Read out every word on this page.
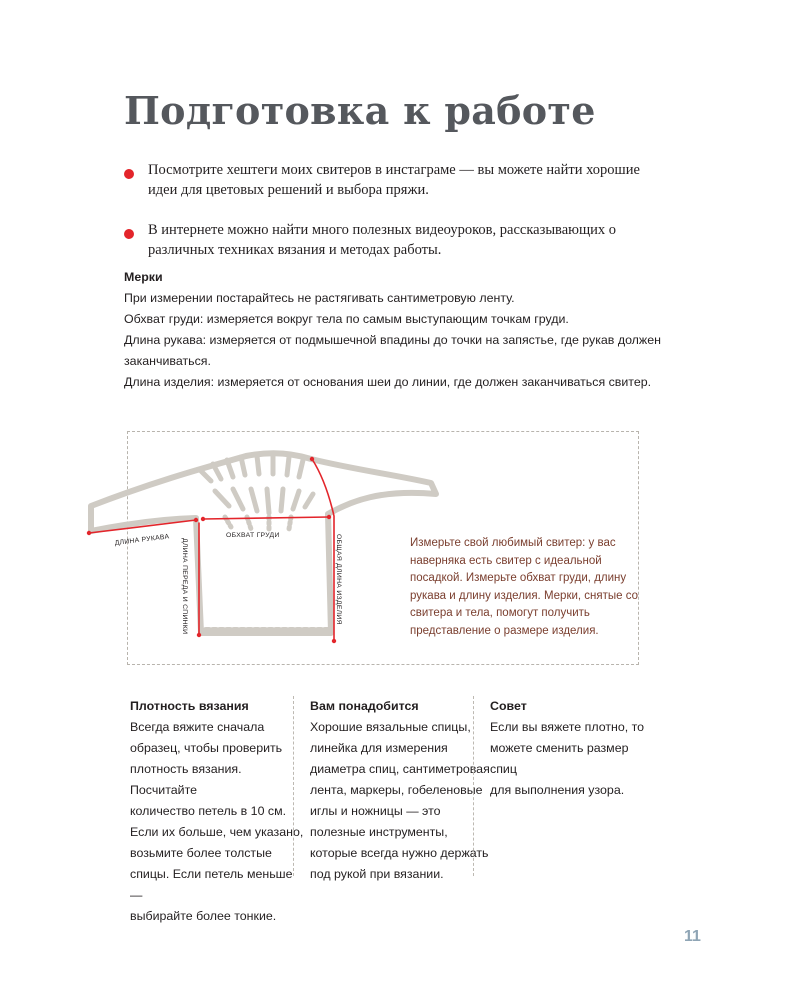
Подготовка к работе
Посмотрите хештеги моих свитеров в инстаграме — вы можете найти хорошие идеи для цветовых решений и выбора пряжи.
В интернете можно найти много полезных видеоуроков, рассказывающих о различных техниках вязания и методах работы.
Мерки
При измерении постарайтесь не растягивать сантиметровую ленту.
Обхват груди: измеряется вокруг тела по самым выступающим точкам груди.
Длина рукава: измеряется от подмышечной впадины до точки на запястье, где рукав должен заканчиваться.
Длина изделия: измеряется от основания шеи до линии, где должен заканчиваться свитер.
ДЛИНА РУКАВА	ОБХВАТ ГРУДИ
ДЛИНА ПЕРЕДА И СПИНКИ	ОБЩАЯ ДЛИНА ИЗДЕЛИЯ	Измерьте свой любимый свитер: у вас наверняка есть свитер с идеальной посадкой. Измерьте обхват груди, длину рукава и длину изделия. Мерки, снятые со свитера и тела, помогут получить представление о размере изделия.
Плотность вязания
Всегда вяжите сначала
образец, чтобы проверить
плотность вязания. Посчитайте
количество петель в 10 см.
Если их больше, чем указано,
возьмите более толстые
спицы. Если петель меньше —
выбирайте более тонкие.
Вам понадобится
Хорошие вязальные спицы,
линейка для измерения
диаметра спиц, сантиметровая
лента, маркеры, гобеленовые
иглы и ножницы — это
полезные инструменты,
которые всегда нужно держать
под рукой при вязании.
Совет
Если вы вяжете плотно, то
можете сменить размер спиц
для выполнения узора.
11
